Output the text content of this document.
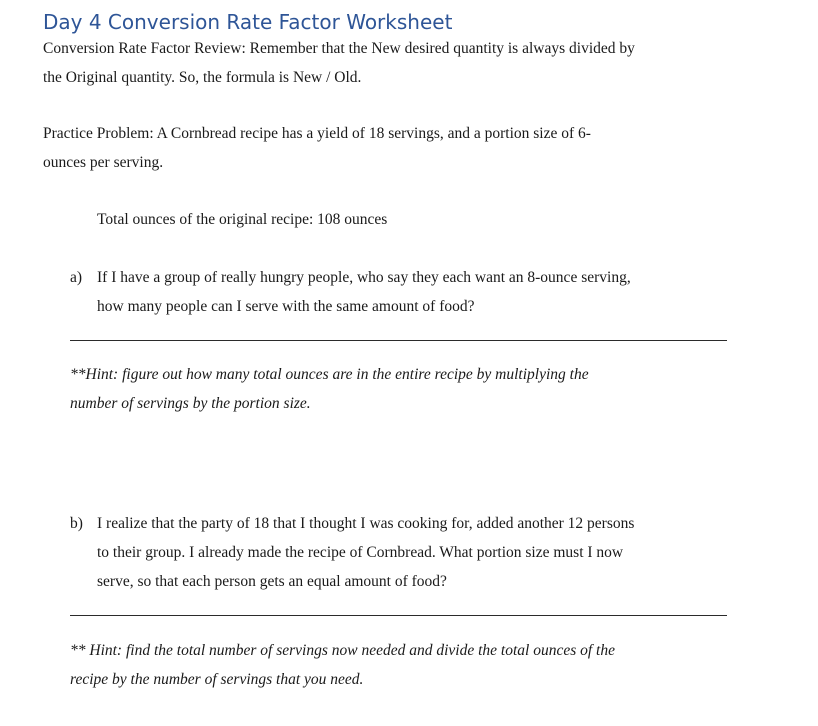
Day 4 Conversion Rate Factor Worksheet
Conversion Rate Factor Review: Remember that the New desired quantity is always divided by
the Original quantity. So, the formula is New / Old.
Practice Problem: A Cornbread recipe has a yield of 18 servings, and a portion size of 6-
ounces per serving.
Total ounces of the original recipe: 108 ounces
a) If I have a group of really hungry people, who say they each want an 8-ounce serving,
how many people can I serve with the same amount of food?
**Hint: figure out how many total ounces are in the entire recipe by multiplying the
number of servings by the portion size.
b) I realize that the party of 18 that I thought I was cooking for, added another 12 persons
to their group. I already made the recipe of Cornbread. What portion size must I now
serve, so that each person gets an equal amount of food?
** Hint: find the total number of servings now needed and divide the total ounces of the
recipe by the number of servings that you need.
